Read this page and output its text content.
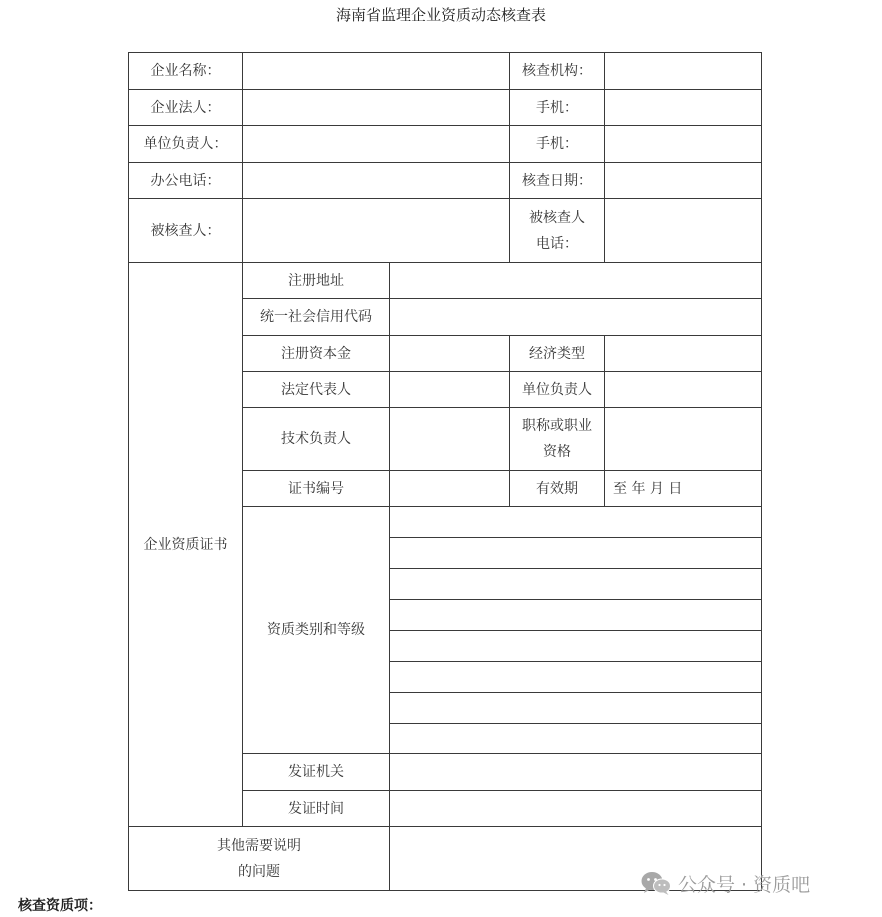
海南省监理企业资质动态核查表
企业名称：			核查机构：	
企业法人：			手机：	
单位负责人：			手机：	
办公电话：			核查日期：	
被核查人：			被核查人
电话：	

企业资质证书	注册地址			
	统一社会信用代码			
	注册资本金		经济类型	
	法定代表人		单位负责人	
	技术负责人		职称或职业
资格	

	证书编号		有效期	至 年 月 日
	资质类别和等级			

	发证机关			
	发证时间			

其他需要说明
的问题				

公众号 · 资质吧
核查资质项：
